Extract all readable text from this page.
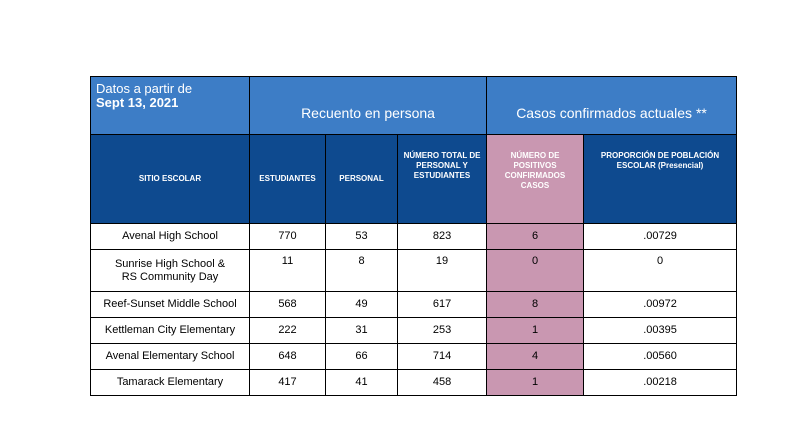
Datos a partir de
Sept 13, 2021	Recuento en persona			Casos confirmados actuales **	
SITIO ESCOLAR	ESTUDIANTES	PERSONAL	NÚMERO TOTAL DE PERSONAL Y ESTUDIANTES	NÚMERO DE POSITIVOS CONFIRMADOS CASOS	PROPORCIÓN DE POBLACIÓN ESCOLAR (Presencial)
Avenal High School	770	53	823	6	.00729
Sunrise High School &
RS Community Day	11	8	19	0	0
Reef-Sunset Middle School	568	49	617	8	.00972
Kettleman City Elementary	222	31	253	1	.00395
Avenal Elementary School	648	66	714	4	.00560
Tamarack Elementary	417	41	458	1	.00218
